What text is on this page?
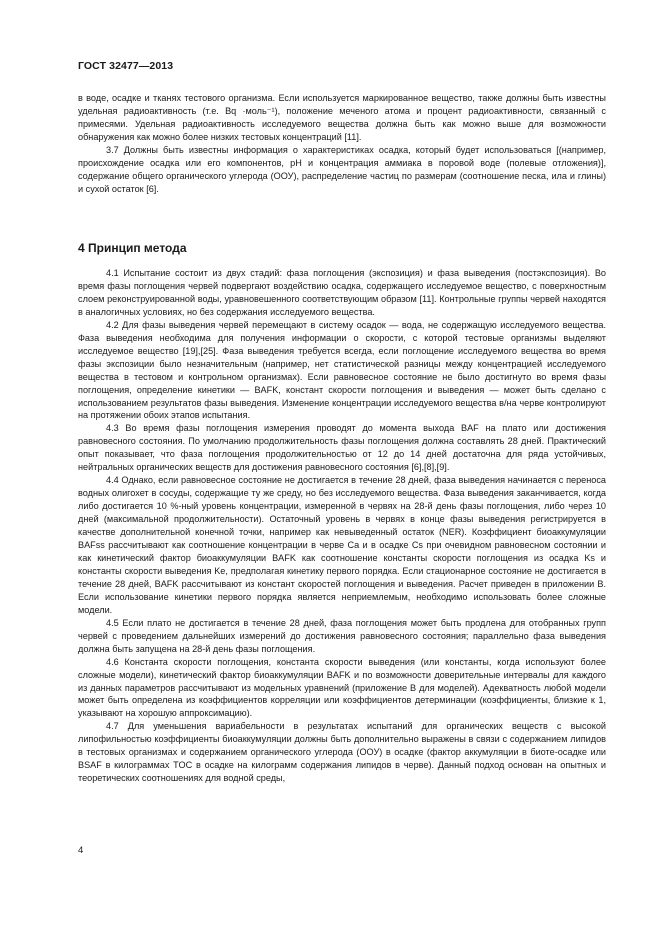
ГОСТ 32477—2013

в воде, осадке и тканях тестового организма. Если используется маркированное вещество, также должны быть известны удельная радиоактивность (т.е. Bq ·моль⁻¹), положение меченого атома и процент радиоактивности, связанный с примесями. Удельная радиоактивность исследуемого вещества должна быть как можно выше для возможности обнаружения как можно более низких тестовых концентраций [11].

3.7 Должны быть известны информация о характеристиках осадка, который будет использоваться [(например, происхождение осадка или его компонентов, pH и концентрация аммиака в поровой воде (полевые отложения)], содержание общего органического углерода (ООУ), распределение частиц по размерам (соотношение песка, ила и глины) и сухой остаток [6].

4 Принцип метода

4.1 Испытание состоит из двух стадий: фаза поглощения (экспозиция) и фаза выведения (постэкспозиция). Во время фазы поглощения червей подвергают воздействию осадка, содержащего исследуемое вещество, с поверхностным слоем реконструированной воды, уравновешенного соответствующим образом [11]. Контрольные группы червей находятся в аналогичных условиях, но без содержания исследуемого вещества.

4.2 Для фазы выведения червей перемещают в систему осадок — вода, не содержащую исследуемого вещества. Фаза выведения необходима для получения информации о скорости, с которой тестовые организмы выделяют исследуемое вещество [19],[25]. Фаза выведения требуется всегда, если поглощение исследуемого вещества во время фазы экспозиции было незначительным (например, нет статистической разницы между концентрацией исследуемого вещества в тестовом и контрольном организмах). Если равновесное состояние не было достигнуто во время фазы поглощения, определение кинетики — BAFK, констант скорости поглощения и выведения — может быть сделано с использованием результатов фазы выведения. Изменение концентрации исследуемого вещества в/на черве контролируют на протяжении обоих этапов испытания.

4.3 Во время фазы поглощения измерения проводят до момента выхода BAF на плато или достижения равновесного состояния. По умолчанию продолжительность фазы поглощения должна составлять 28 дней. Практический опыт показывает, что фаза поглощения продолжительностью от 12 до 14 дней достаточна для ряда устойчивых, нейтральных органических веществ для достижения равновесного состояния [6],[8],[9].

4.4 Однако, если равновесное состояние не достигается в течение 28 дней, фаза выведения начинается с переноса водных олигохет в сосуды, содержащие ту же среду, но без исследуемого вещества. Фаза выведения заканчивается, когда либо достигается 10 %-ный уровень концентрации, измеренной в червях на 28-й день фазы поглощения, либо через 10 дней (максимальной продолжительности). Остаточный уровень в червях в конце фазы выведения регистрируется в качестве дополнительной конечной точки, например как невыведенный остаток (NER). Коэффициент биоаккумуляции BAFss рассчитывают как соотношение концентрации в черве Ca и в осадке Cs при очевидном равновесном состоянии и как кинетический фактор биоаккумуляции BAFK как соотношение константы скорости поглощения из осадка Ks и константы скорости выведения Ke, предполагая кинетику первого порядка. Если стационарное состояние не достигается в течение 28 дней, BAFK рассчитывают из констант скоростей поглощения и выведения. Расчет приведен в приложении В. Если использование кинетики первого порядка является неприемлемым, необходимо использовать более сложные модели.

4.5 Если плато не достигается в течение 28 дней, фаза поглощения может быть продлена для отобранных групп червей с проведением дальнейших измерений до достижения равновесного состояния; параллельно фаза выведения должна быть запущена на 28-й день фазы поглощения.

4.6 Константа скорости поглощения, константа скорости выведения (или константы, когда используют более сложные модели), кинетический фактор биоаккумуляции BAFK и по возможности доверительные интервалы для каждого из данных параметров рассчитывают из модельных уравнений (приложение В для моделей). Адекватность любой модели может быть определена из коэффициентов корреляции или коэффициентов детерминации (коэффициенты, близкие к 1, указывают на хорошую аппроксимацию).

4.7 Для уменьшения вариабельности в результатах испытаний для органических веществ с высокой липофильностью коэффициенты биоаккумуляции должны быть дополнительно выражены в связи с содержанием липидов в тестовых организмах и содержанием органического углерода (ООУ) в осадке (фактор аккумуляции в биоте-осадке или BSAF в килограммах TOC в осадке на килограмм содержания липидов в черве). Данный подход основан на опытных и теоретических соотношениях для водной среды,

4
